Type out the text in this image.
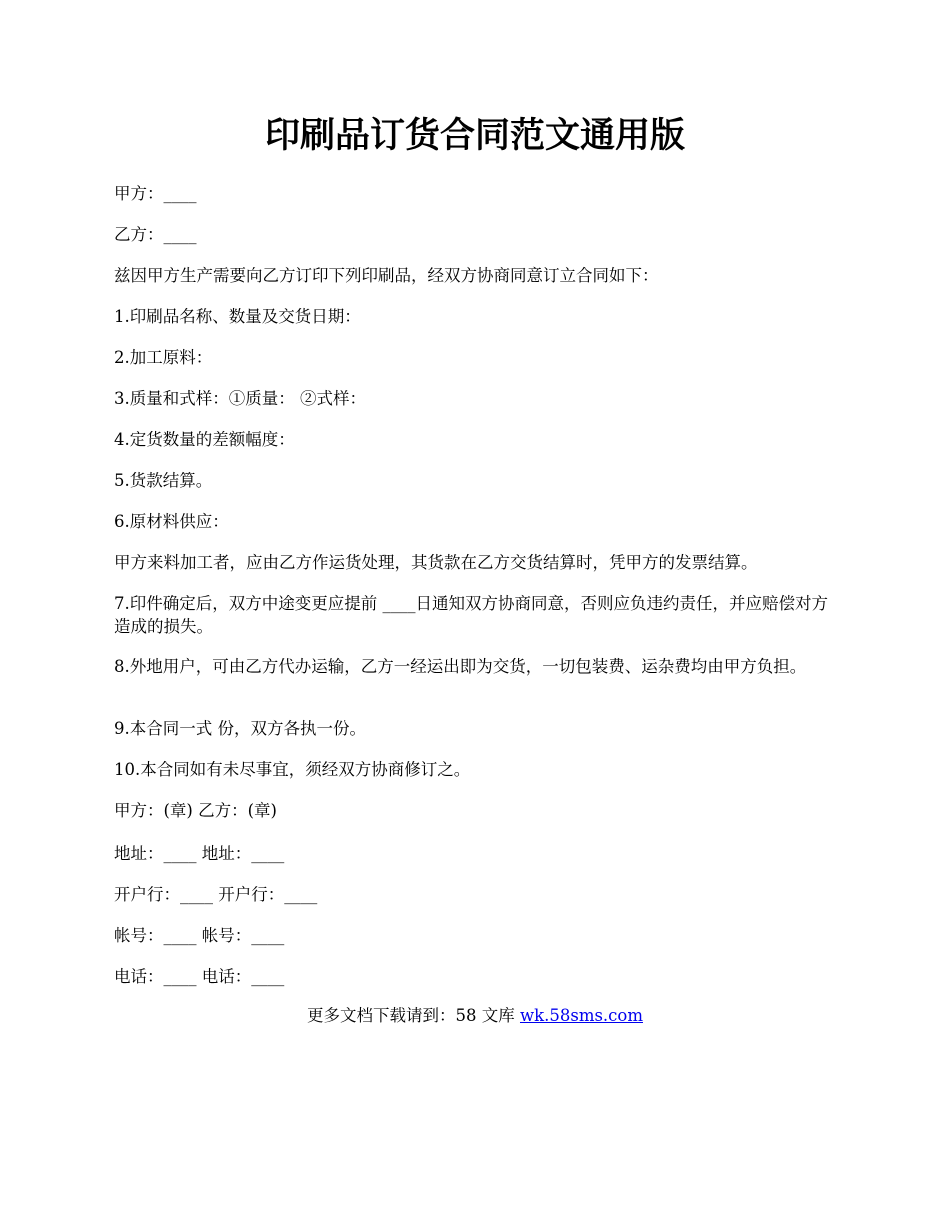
印刷品订货合同范文通用版

甲方：____

乙方：____

兹因甲方生产需要向乙方订印下列印刷品，经双方协商同意订立合同如下：

1.印刷品名称、数量及交货日期：

2.加工原料：

3.质量和式样：①质量： ②式样：

4.定货数量的差额幅度：

5.货款结算。

6.原材料供应：

甲方来料加工者，应由乙方作运货处理，其货款在乙方交货结算时，凭甲方的发票结算。

7.印件确定后，双方中途变更应提前 ____日通知双方协商同意，否则应负违约责任，并应赔偿对方造成的损失。

8.外地用户，可由乙方代办运输，乙方一经运出即为交货，一切包装费、运杂费均由甲方负担。

9.本合同一式 份，双方各执一份。

10.本合同如有未尽事宜，须经双方协商修订之。

甲方：(章) 乙方：(章)

地址：____ 地址：____

开户行：____ 开户行：____

帐号：____ 帐号：____

电话：____ 电话：____

更多文档下载请到：58 文库 wk.58sms.com
